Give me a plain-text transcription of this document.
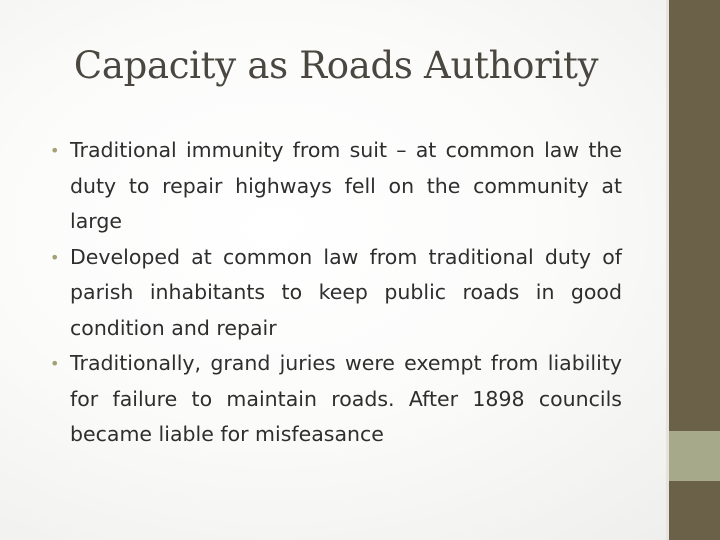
Capacity as Roads Authority
• Traditional immunity from suit – at common law the duty to repair highways fell on the community at large
• Developed at common law from traditional duty of parish inhabitants to keep public roads in good condition and repair
• Traditionally, grand juries were exempt from liability for failure to maintain roads. After 1898 councils became liable for misfeasance
